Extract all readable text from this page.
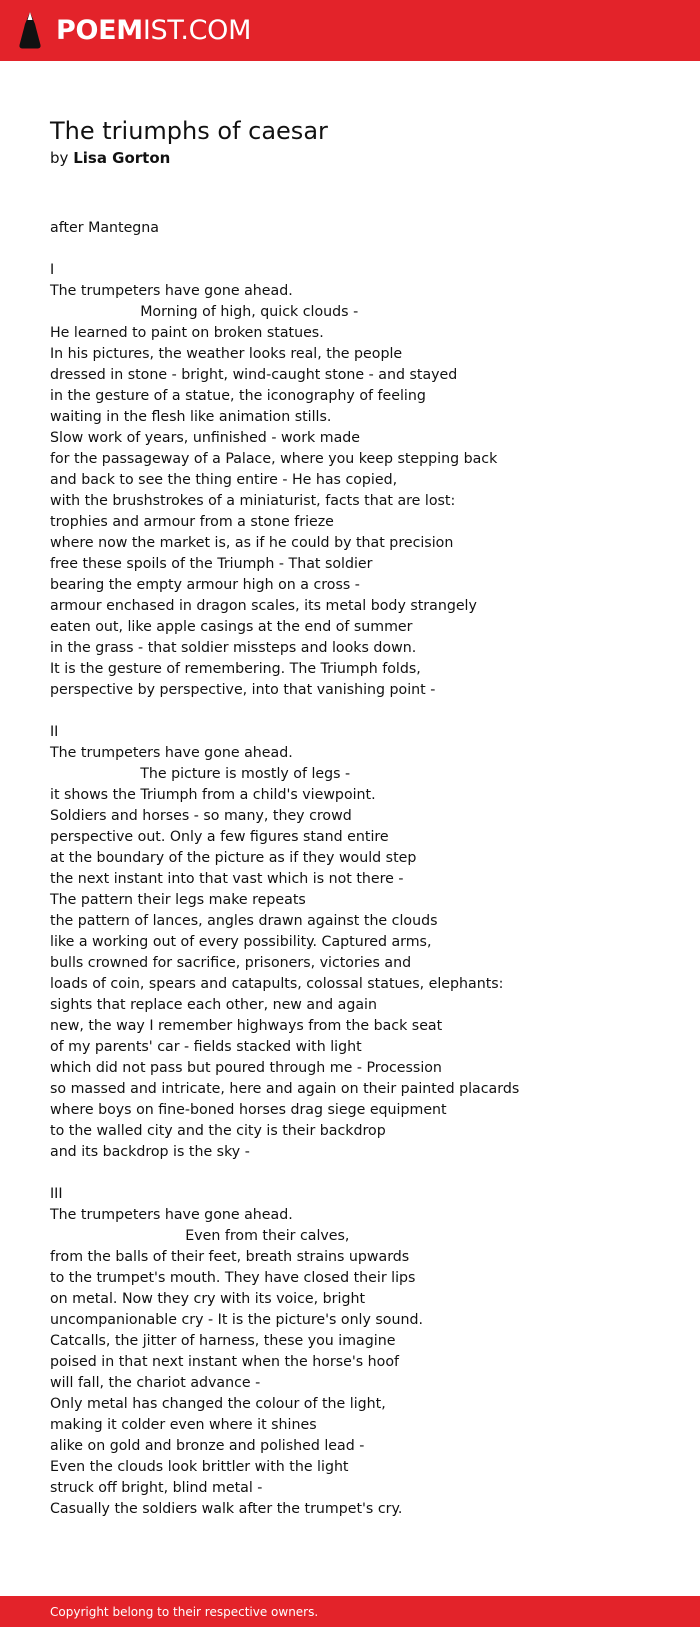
POEMIST.COM
The triumphs of caesar
by Lisa Gorton
after Mantegna
I
The trumpeters have gone ahead.
Morning of high, quick clouds -
He learned to paint on broken statues.
In his pictures, the weather looks real, the people
dressed in stone - bright, wind-caught stone - and stayed
in the gesture of a statue, the iconography of feeling
waiting in the flesh like animation stills.
Slow work of years, unfinished - work made
for the passageway of a Palace, where you keep stepping back
and back to see the thing entire - He has copied,
with the brushstrokes of a miniaturist, facts that are lost:
trophies and armour from a stone frieze
where now the market is, as if he could by that precision
free these spoils of the Triumph - That soldier
bearing the empty armour high on a cross -
armour enchased in dragon scales, its metal body strangely
eaten out, like apple casings at the end of summer
in the grass - that soldier missteps and looks down.
It is the gesture of remembering. The Triumph folds,
perspective by perspective, into that vanishing point -
II
The trumpeters have gone ahead.
The picture is mostly of legs -
it shows the Triumph from a child's viewpoint.
Soldiers and horses - so many, they crowd
perspective out. Only a few figures stand entire
at the boundary of the picture as if they would step
the next instant into that vast which is not there -
The pattern their legs make repeats
the pattern of lances, angles drawn against the clouds
like a working out of every possibility. Captured arms,
bulls crowned for sacrifice, prisoners, victories and
loads of coin, spears and catapults, colossal statues, elephants:
sights that replace each other, new and again
new, the way I remember highways from the back seat
of my parents' car - fields stacked with light
which did not pass but poured through me - Procession
so massed and intricate, here and again on their painted placards
where boys on fine-boned horses drag siege equipment
to the walled city and the city is their backdrop
and its backdrop is the sky -
III
The trumpeters have gone ahead.
Even from their calves,
from the balls of their feet, breath strains upwards
to the trumpet's mouth. They have closed their lips
on metal. Now they cry with its voice, bright
uncompanionable cry - It is the picture's only sound.
Catcalls, the jitter of harness, these you imagine
poised in that next instant when the horse's hoof
will fall, the chariot advance -
Only metal has changed the colour of the light,
making it colder even where it shines
alike on gold and bronze and polished lead -
Even the clouds look brittler with the light
struck off bright, blind metal -
Casually the soldiers walk after the trumpet's cry.
Copyright belong to their respective owners.
